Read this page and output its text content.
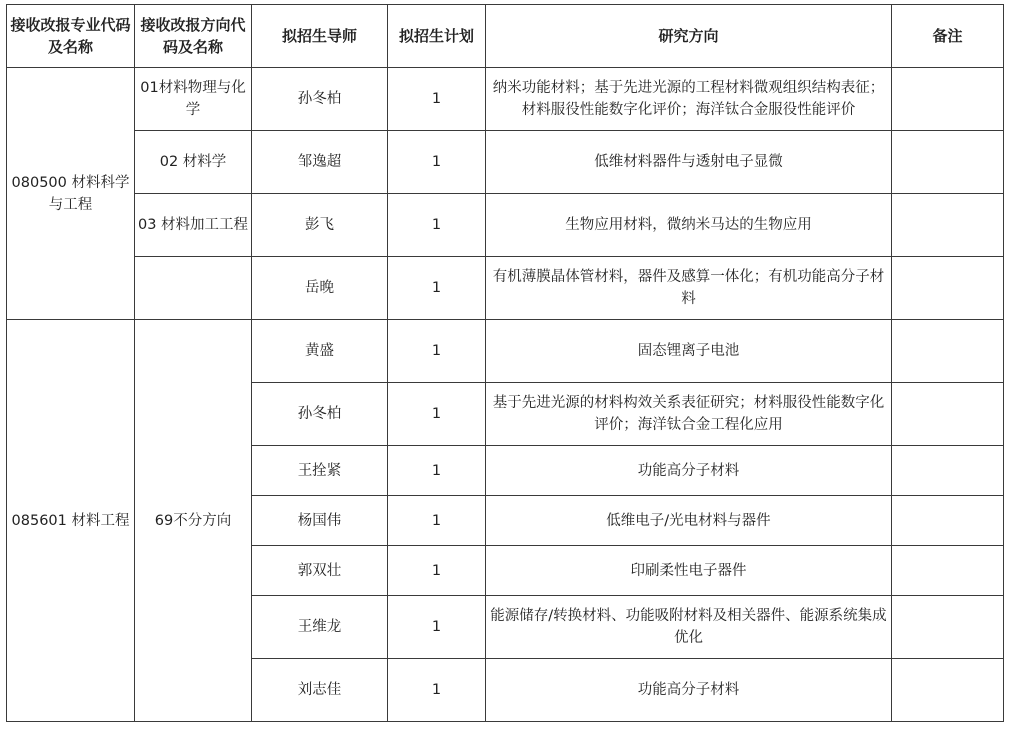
接收改报专业代码及名称	接收改报方向代码及名称	拟招生导师	拟招生计划	研究方向	备注
080500 材料科学与工程	01材料物理与化学	孙冬柏	1	纳米功能材料；基于先进光源的工程材料微观组织结构表征；材料服役性能数字化评价；海洋钛合金服役性能评价	
	02 材料学	邹逸超	1	低维材料器件与透射电子显微	
	03 材料加工工程	彭飞	1	生物应用材料，微纳米马达的生物应用	
		岳晚	1	有机薄膜晶体管材料，器件及感算一体化；有机功能高分子材料	
085601 材料工程	69不分方向	黄盛	1	固态锂离子电池	
		孙冬柏	1	基于先进光源的材料构效关系表征研究；材料服役性能数字化评价；海洋钛合金工程化应用	
		王拴紧	1	功能高分子材料	
		杨国伟	1	低维电子/光电材料与器件	
		郭双壮	1	印刷柔性电子器件	
		王维龙	1	能源储存/转换材料、功能吸附材料及相关器件、能源系统集成优化	
		刘志佳	1	功能高分子材料	
